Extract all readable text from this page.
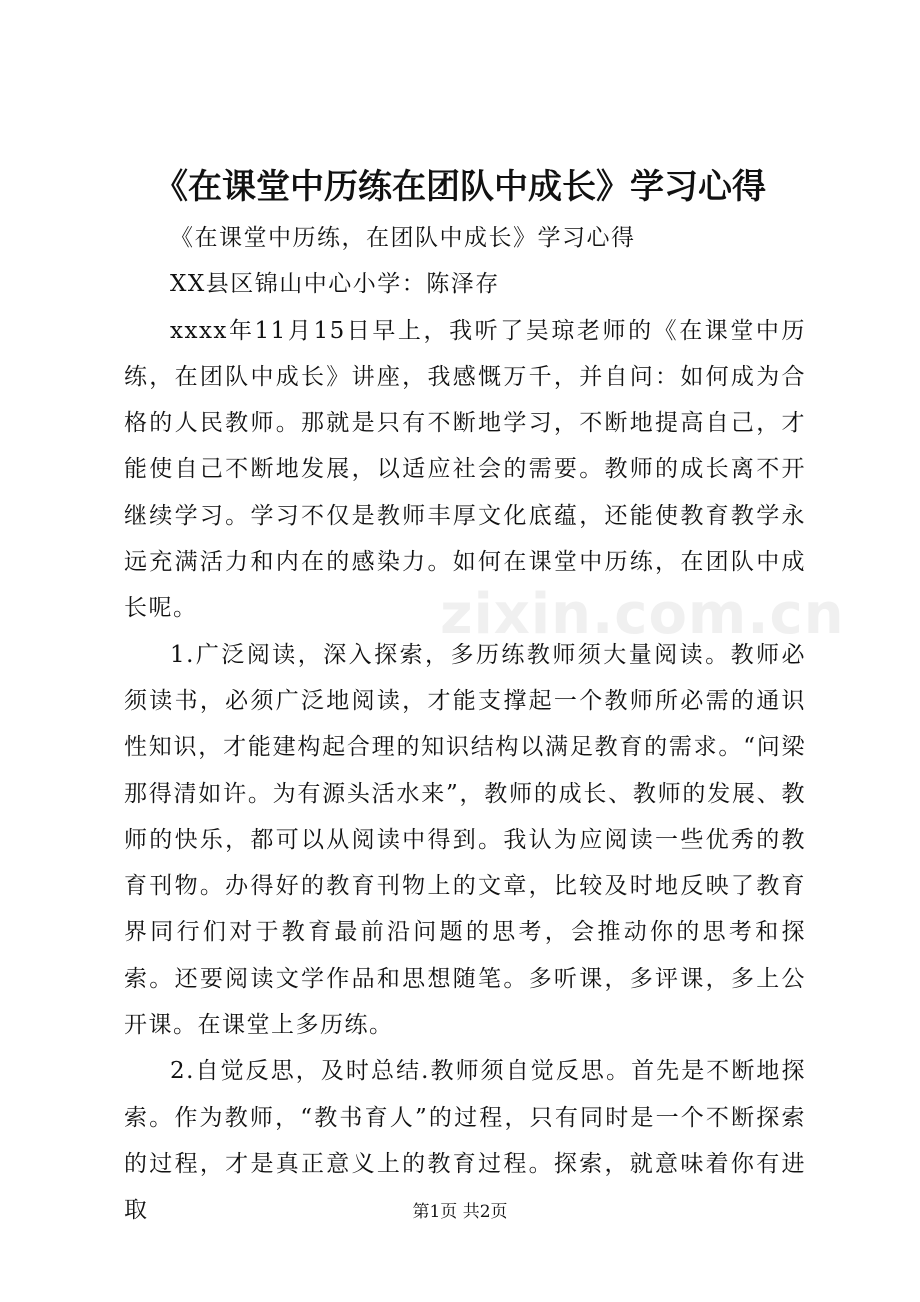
《在课堂中历练在团队中成长》学习心得

《在课堂中历练，在团队中成长》学习心得

XX县区锦山中心小学：陈泽存

xxxx年11月15日早上，我听了吴琼老师的《在课堂中历练，在团队中成长》讲座，我感慨万千，并自问：如何成为合格的人民教师。那就是只有不断地学习，不断地提高自己，才能使自己不断地发展，以适应社会的需要。教师的成长离不开继续学习。学习不仅是教师丰厚文化底蕴，还能使教育教学永远充满活力和内在的感染力。如何在课堂中历练，在团队中成长呢。

1.广泛阅读，深入探索，多历练教师须大量阅读。教师必须读书，必须广泛地阅读，才能支撑起一个教师所必需的通识性知识，才能建构起合理的知识结构以满足教育的需求。“问梁那得清如许。为有源头活水来”，教师的成长、教师的发展、教师的快乐，都可以从阅读中得到。我认为应阅读一些优秀的教育刊物。办得好的教育刊物上的文章，比较及时地反映了教育界同行们对于教育最前沿问题的思考，会推动你的思考和探索。还要阅读文学作品和思想随笔。多听课，多评课，多上公开课。在课堂上多历练。

2.自觉反思，及时总结.教师须自觉反思。首先是不断地探索。作为教师，“教书育人”的过程，只有同时是一个不断探索的过程，才是真正意义上的教育过程。探索，就意味着你有进取

zixin.com.cn
第1页 共2页
